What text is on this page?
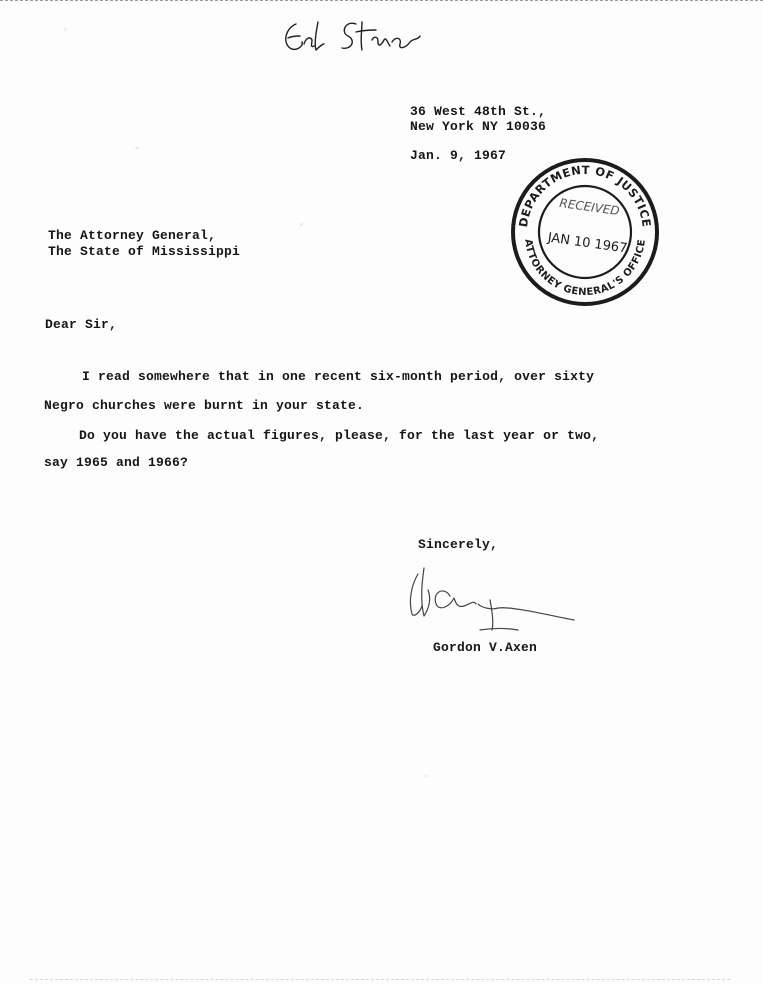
36 West 48th St.,
New York NY 10036
Jan. 9, 1967
DEPARTMENT OF JUSTICE
ATTORNEY GENERAL'S OFFICE
RECEIVED
JAN 10 1967
The Attorney General,
The State of Mississippi
Dear Sir,
I read somewhere that in one recent six-month period, over sixty
Negro churches were burnt in your state.
Do you have the actual figures, please, for the last year or two,
say 1965 and 1966?
Sincerely,
Gordon V.Axen
